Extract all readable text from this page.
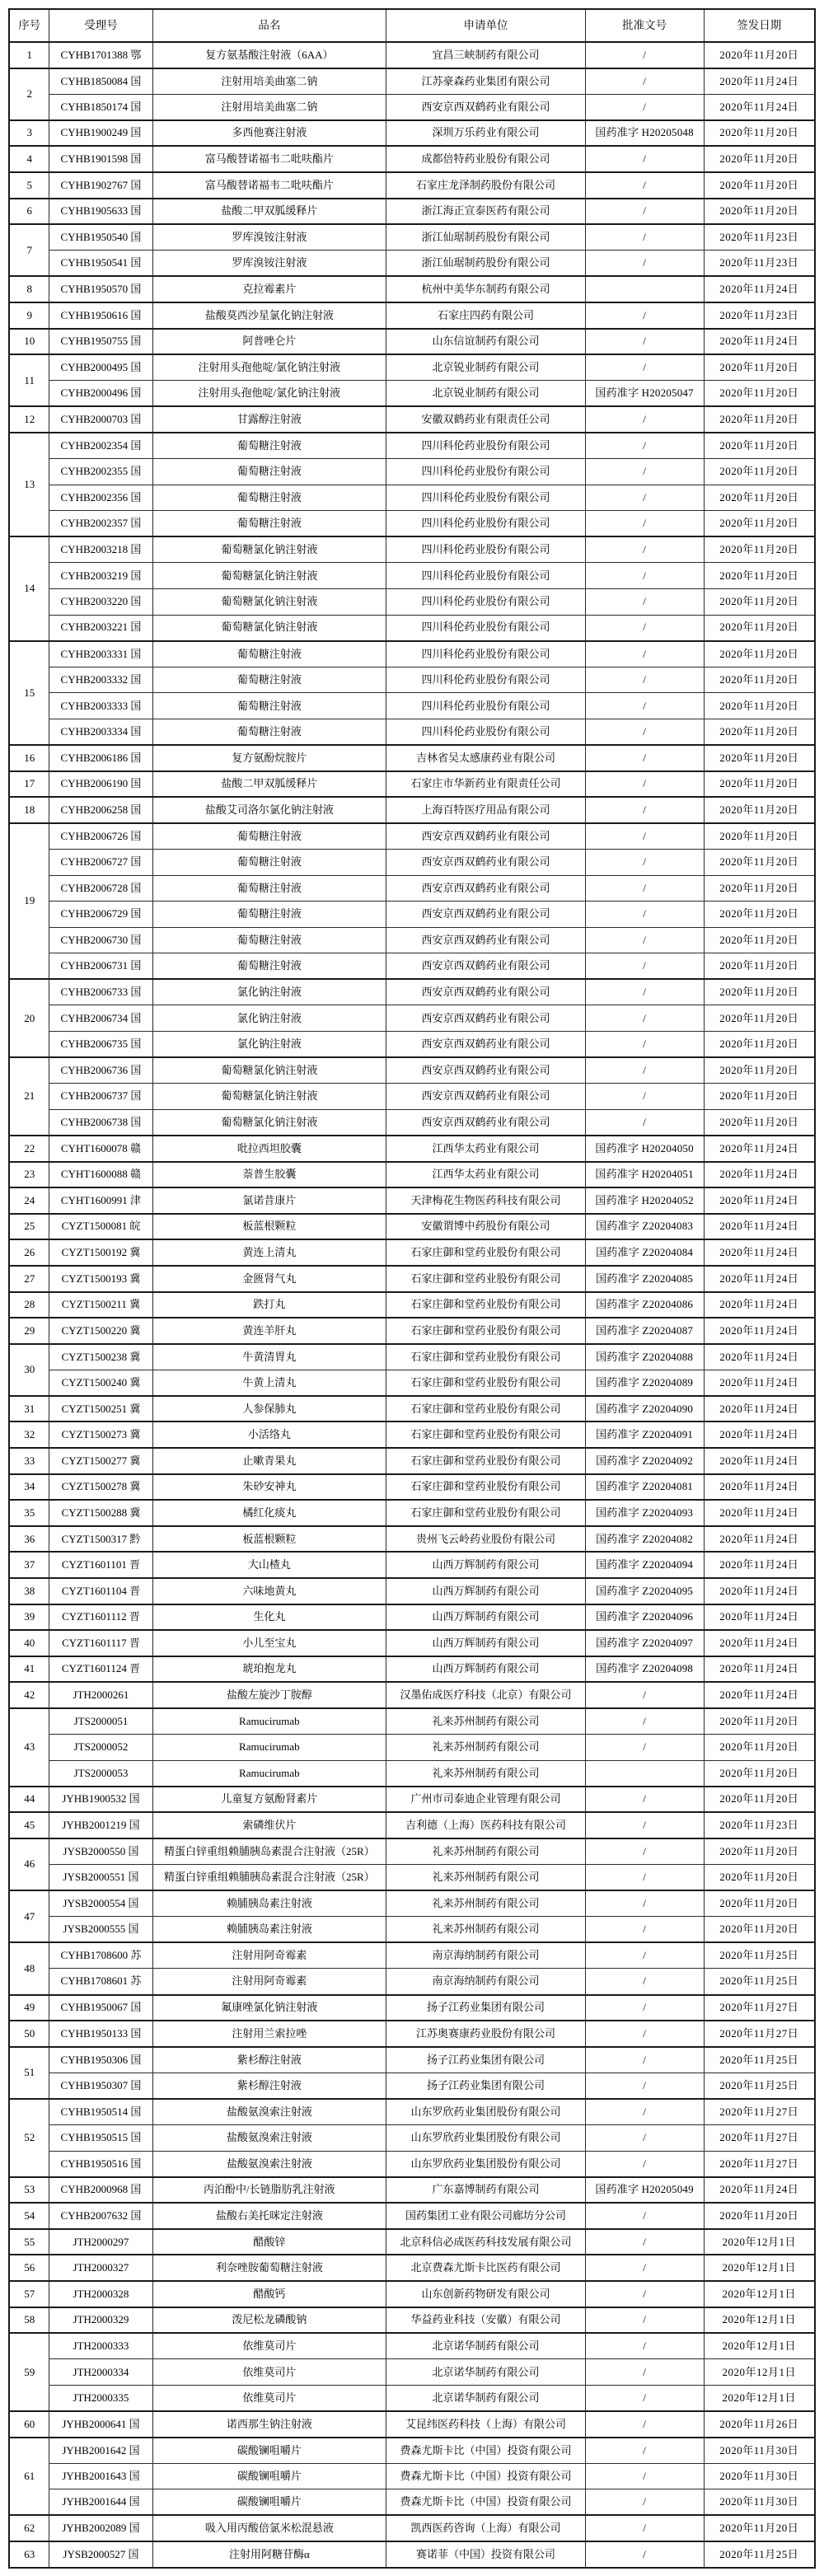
序号	受理号	品名	申请单位	批准文号	签发日期
1	CYHB1701388 鄂	复方氨基酸注射液（6AA）	宜昌三峡制药有限公司	/	2020年11月20日
2	CYHB1850084 国	注射用培美曲塞二钠	江苏豪森药业集团有限公司	/	2020年11月24日
	CYHB1850174 国	注射用培美曲塞二钠	西安京西双鹤药业有限公司	/	2020年11月24日
3	CYHB1900249 国	多西他赛注射液	深圳万乐药业有限公司	国药准字 H20205048	2020年11月20日
4	CYHB1901598 国	富马酸替诺福韦二吡呋酯片	成都倍特药业股份有限公司	/	2020年11月20日
5	CYHB1902767 国	富马酸替诺福韦二吡呋酯片	石家庄龙泽制药股份有限公司	/	2020年11月20日
6	CYHB1905633 国	盐酸二甲双胍缓释片	浙江海正宣泰医药有限公司	/	2020年11月20日
7	CYHB1950540 国	罗库溴铵注射液	浙江仙琚制药股份有限公司	/	2020年11月23日
	CYHB1950541 国	罗库溴铵注射液	浙江仙琚制药股份有限公司	/	2020年11月23日
8	CYHB1950570 国	克拉霉素片	杭州中美华东制药有限公司		2020年11月24日
9	CYHB1950616 国	盐酸莫西沙星氯化钠注射液	石家庄四药有限公司	/	2020年11月23日
10	CYHB1950755 国	阿普唑仑片	山东信谊制药有限公司	/	2020年11月24日
11	CYHB2000495 国	注射用头孢他啶/氯化钠注射液	北京锐业制药有限公司	/	2020年11月20日
	CYHB2000496 国	注射用头孢他啶/氯化钠注射液	北京锐业制药有限公司	国药准字 H20205047	2020年11月20日
12	CYHB2000703 国	甘露醇注射液	安徽双鹤药业有限责任公司	/	2020年11月20日
13	CYHB2002354 国	葡萄糖注射液	四川科伦药业股份有限公司	/	2020年11月20日
	CYHB2002355 国	葡萄糖注射液	四川科伦药业股份有限公司	/	2020年11月20日
	CYHB2002356 国	葡萄糖注射液	四川科伦药业股份有限公司	/	2020年11月20日
	CYHB2002357 国	葡萄糖注射液	四川科伦药业股份有限公司	/	2020年11月20日
14	CYHB2003218 国	葡萄糖氯化钠注射液	四川科伦药业股份有限公司	/	2020年11月20日
	CYHB2003219 国	葡萄糖氯化钠注射液	四川科伦药业股份有限公司	/	2020年11月20日
	CYHB2003220 国	葡萄糖氯化钠注射液	四川科伦药业股份有限公司	/	2020年11月20日
	CYHB2003221 国	葡萄糖氯化钠注射液	四川科伦药业股份有限公司	/	2020年11月20日
15	CYHB2003331 国	葡萄糖注射液	四川科伦药业股份有限公司	/	2020年11月20日
	CYHB2003332 国	葡萄糖注射液	四川科伦药业股份有限公司	/	2020年11月20日
	CYHB2003333 国	葡萄糖注射液	四川科伦药业股份有限公司	/	2020年11月20日
	CYHB2003334 国	葡萄糖注射液	四川科伦药业股份有限公司	/	2020年11月20日
16	CYHB2006186 国	复方氨酚烷胺片	吉林省吴太感康药业有限公司	/	2020年11月20日
17	CYHB2006190 国	盐酸二甲双胍缓释片	石家庄市华新药业有限责任公司	/	2020年11月20日
18	CYHB2006258 国	盐酸艾司洛尔氯化钠注射液	上海百特医疗用品有限公司	/	2020年11月20日
19	CYHB2006726 国	葡萄糖注射液	西安京西双鹤药业有限公司	/	2020年11月20日
	CYHB2006727 国	葡萄糖注射液	西安京西双鹤药业有限公司	/	2020年11月20日
	CYHB2006728 国	葡萄糖注射液	西安京西双鹤药业有限公司	/	2020年11月20日
	CYHB2006729 国	葡萄糖注射液	西安京西双鹤药业有限公司	/	2020年11月20日
	CYHB2006730 国	葡萄糖注射液	西安京西双鹤药业有限公司	/	2020年11月20日
	CYHB2006731 国	葡萄糖注射液	西安京西双鹤药业有限公司	/	2020年11月20日
20	CYHB2006733 国	氯化钠注射液	西安京西双鹤药业有限公司	/	2020年11月20日
	CYHB2006734 国	氯化钠注射液	西安京西双鹤药业有限公司	/	2020年11月20日
	CYHB2006735 国	氯化钠注射液	西安京西双鹤药业有限公司	/	2020年11月20日
21	CYHB2006736 国	葡萄糖氯化钠注射液	西安京西双鹤药业有限公司	/	2020年11月20日
	CYHB2006737 国	葡萄糖氯化钠注射液	西安京西双鹤药业有限公司	/	2020年11月20日
	CYHB2006738 国	葡萄糖氯化钠注射液	西安京西双鹤药业有限公司	/	2020年11月20日
22	CYHT1600078 赣	吡拉西坦胶囊	江西华太药业有限公司	国药准字 H20204050	2020年11月24日
23	CYHT1600088 赣	萘普生胶囊	江西华太药业有限公司	国药准字 H20204051	2020年11月24日
24	CYHT1600991 津	氯诺昔康片	天津梅花生物医药科技有限公司	国药准字 H20204052	2020年11月24日
25	CYZT1500081 皖	板蓝根颗粒	安徽谓博中药股份有限公司	国药准字 Z20204083	2020年11月24日
26	CYZT1500192 冀	黄连上清丸	石家庄御和堂药业股份有限公司	国药准字 Z20204084	2020年11月24日
27	CYZT1500193 冀	金匮肾气丸	石家庄御和堂药业股份有限公司	国药准字 Z20204085	2020年11月24日
28	CYZT1500211 冀	跌打丸	石家庄御和堂药业股份有限公司	国药准字 Z20204086	2020年11月24日
29	CYZT1500220 冀	黄连羊肝丸	石家庄御和堂药业股份有限公司	国药准字 Z20204087	2020年11月24日
30	CYZT1500238 冀	牛黄清胃丸	石家庄御和堂药业股份有限公司	国药准字 Z20204088	2020年11月24日
	CYZT1500240 冀	牛黄上清丸	石家庄御和堂药业股份有限公司	国药准字 Z20204089	2020年11月24日
31	CYZT1500251 冀	人参保肺丸	石家庄御和堂药业股份有限公司	国药准字 Z20204090	2020年11月24日
32	CYZT1500273 冀	小活络丸	石家庄御和堂药业股份有限公司	国药准字 Z20204091	2020年11月24日
33	CYZT1500277 冀	止嗽青果丸	石家庄御和堂药业股份有限公司	国药准字 Z20204092	2020年11月24日
34	CYZT1500278 冀	朱砂安神丸	石家庄御和堂药业股份有限公司	国药准字 Z20204081	2020年11月24日
35	CYZT1500288 冀	橘红化痰丸	石家庄御和堂药业股份有限公司	国药准字 Z20204093	2020年11月24日
36	CYZT1500317 黔	板蓝根颗粒	贵州飞云岭药业股份有限公司	国药准字 Z20204082	2020年11月24日
37	CYZT1601101 晋	大山楂丸	山西万辉制药有限公司	国药准字 Z20204094	2020年11月24日
38	CYZT1601104 晋	六味地黄丸	山西万辉制药有限公司	国药准字 Z20204095	2020年11月24日
39	CYZT1601112 晋	生化丸	山西万辉制药有限公司	国药准字 Z20204096	2020年11月24日
40	CYZT1601117 晋	小儿至宝丸	山西万辉制药有限公司	国药准字 Z20204097	2020年11月24日
41	CYZT1601124 晋	琥珀抱龙丸	山西万辉制药有限公司	国药准字 Z20204098	2020年11月24日
42	JTH2000261	盐酸左旋沙丁胺醇	汉墨佑成医疗科技（北京）有限公司	/	2020年11月24日
43	JTS2000051	Ramucirumab	礼来苏州制药有限公司	/	2020年11月20日
	JTS2000052	Ramucirumab	礼来苏州制药有限公司	/	2020年11月20日
	JTS2000053	Ramucirumab	礼来苏州制药有限公司		2020年11月20日
44	JYHB1900532 国	儿童复方氨酚肾素片	广州市司泰迪企业管理有限公司	/	2020年11月20日
45	JYHB2001219 国	索磷维伏片	吉利德（上海）医药科技有限公司	/	2020年11月23日
46	JYSB2000550 国	精蛋白锌重组赖脯胰岛素混合注射液（25R）	礼来苏州制药有限公司	/	2020年11月20日
	JYSB2000551 国	精蛋白锌重组赖脯胰岛素混合注射液（25R）	礼来苏州制药有限公司	/	2020年11月20日
47	JYSB2000554 国	赖脯胰岛素注射液	礼来苏州制药有限公司	/	2020年11月20日
	JYSB2000555 国	赖脯胰岛素注射液	礼来苏州制药有限公司	/	2020年11月20日
48	CYHB1708600 苏	注射用阿奇霉素	南京海纳制药有限公司	/	2020年11月25日
	CYHB1708601 苏	注射用阿奇霉素	南京海纳制药有限公司	/	2020年11月25日
49	CYHB1950067 国	氟康唑氯化钠注射液	扬子江药业集团有限公司	/	2020年11月27日
50	CYHB1950133 国	注射用兰索拉唑	江苏奥赛康药业股份有限公司	/	2020年11月27日
51	CYHB1950306 国	紫杉醇注射液	扬子江药业集团有限公司	/	2020年11月25日
	CYHB1950307 国	紫杉醇注射液	扬子江药业集团有限公司	/	2020年11月25日
52	CYHB1950514 国	盐酸氨溴索注射液	山东罗欣药业集团股份有限公司	/	2020年11月27日
	CYHB1950515 国	盐酸氨溴索注射液	山东罗欣药业集团股份有限公司	/	2020年11月27日
	CYHB1950516 国	盐酸氨溴索注射液	山东罗欣药业集团股份有限公司	/	2020年11月27日
53	CYHB2000968 国	丙泊酚中/长链脂肪乳注射液	广东嘉博制药有限公司	国药准字 H20205049	2020年11月24日
54	CYHB2007632 国	盐酸右美托咪定注射液	国药集团工业有限公司廊坊分公司	/	2020年11月20日
55	JTH2000297	醋酸锌	北京科信必成医药科技发展有限公司	/	2020年12月1日
56	JTH2000327	利奈唑胺葡萄糖注射液	北京费森尤斯卡比医药有限公司	/	2020年12月1日
57	JTH2000328	醋酸钙	山东创新药物研发有限公司	/	2020年12月1日
58	JTH2000329	泼尼松龙磷酸钠	华益药业科技（安徽）有限公司	/	2020年12月1日
59	JTH2000333	依维莫司片	北京诺华制药有限公司	/	2020年12月1日
	JTH2000334	依维莫司片	北京诺华制药有限公司	/	2020年12月1日
	JTH2000335	依维莫司片	北京诺华制药有限公司	/	2020年12月1日
60	JYHB2000641 国	诺西那生钠注射液	艾昆纬医药科技（上海）有限公司	/	2020年11月26日
61	JYHB2001642 国	碳酸镧咀嚼片	费森尤斯卡比（中国）投资有限公司	/	2020年11月30日
	JYHB2001643 国	碳酸镧咀嚼片	费森尤斯卡比（中国）投资有限公司	/	2020年11月30日
	JYHB2001644 国	碳酸镧咀嚼片	费森尤斯卡比（中国）投资有限公司	/	2020年11月30日
62	JYHB2002089 国	吸入用丙酸倍氯米松混悬液	凯西医药咨询（上海）有限公司	/	2020年11月20日
63	JYSB2000527 国	注射用阿糖苷酶α	赛诺菲（中国）投资有限公司	/	2020年11月25日
